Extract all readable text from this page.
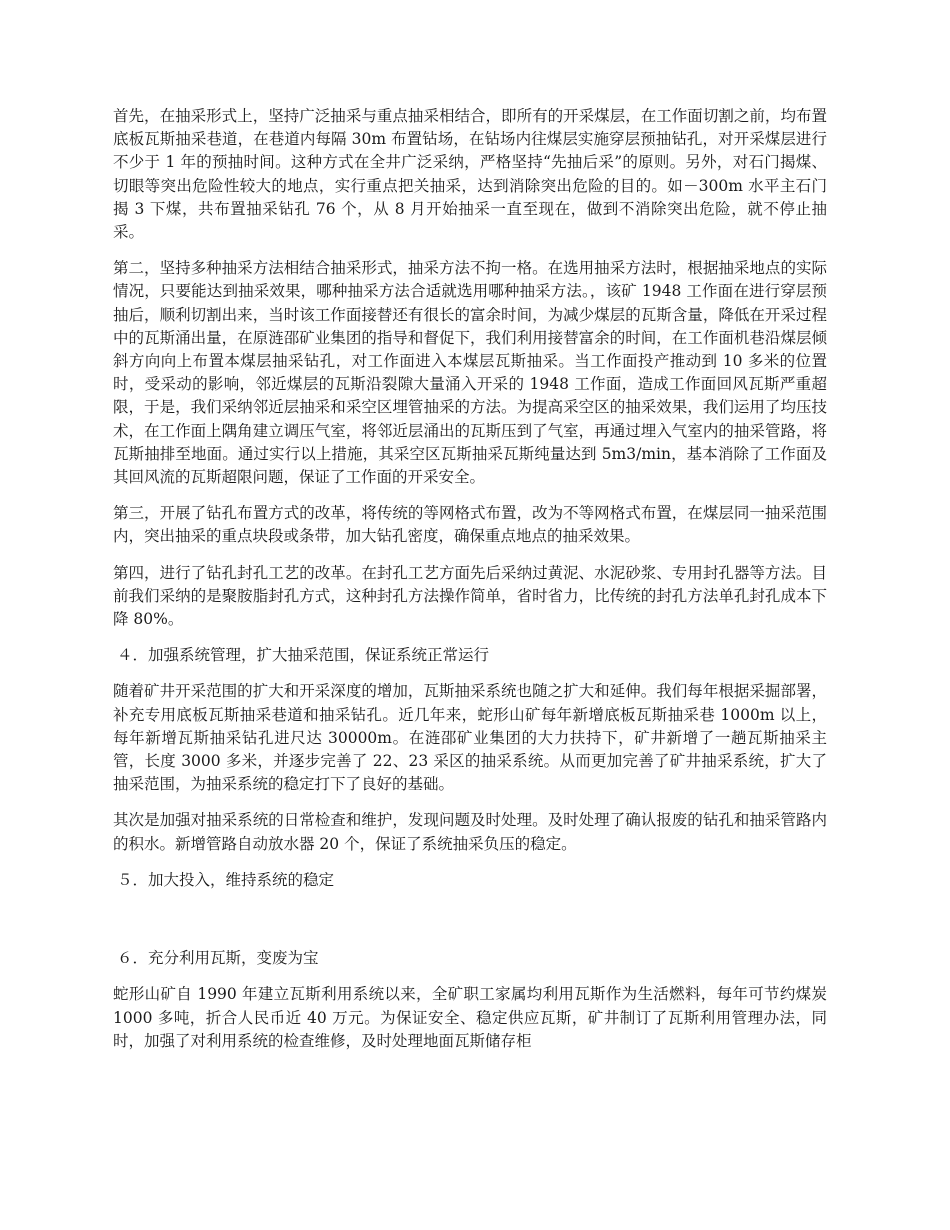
首先，在抽采形式上，坚持广泛抽采与重点抽采相结合，即所有的开采煤层，在工作面切割之前，均布置底板瓦斯抽采巷道，在巷道内每隔 30m 布置钻场，在钻场内往煤层实施穿层预抽钻孔，对开采煤层进行不少于 1 年的预抽时间。这种方式在全井广泛采纳，严格坚持“先抽后采”的原则。另外，对石门揭煤、切眼等突出危险性较大的地点，实行重点把关抽采，达到消除突出危险的目的。如－300m 水平主石门揭 3 下煤，共布置抽采钻孔 76 个，从 8 月开始抽采一直至现在，做到不消除突出危险，就不停止抽采。

第二，坚持多种抽采方法相结合抽采形式，抽采方法不拘一格。在选用抽采方法时，根据抽采地点的实际情况，只要能达到抽采效果，哪种抽采方法合适就选用哪种抽采方法。，该矿 1948 工作面在进行穿层预抽后，顺利切割出来，当时该工作面接替还有很长的富余时间，为减少煤层的瓦斯含量，降低在开采过程中的瓦斯涌出量，在原涟邵矿业集团的指导和督促下，我们利用接替富余的时间，在工作面机巷沿煤层倾斜方向向上布置本煤层抽采钻孔，对工作面进入本煤层瓦斯抽采。当工作面投产推动到 10 多米的位置时，受采动的影响，邻近煤层的瓦斯沿裂隙大量涌入开采的 1948 工作面，造成工作面回风瓦斯严重超限，于是，我们采纳邻近层抽采和采空区埋管抽采的方法。为提高采空区的抽采效果，我们运用了均压技术，在工作面上隅角建立调压气室，将邻近层涌出的瓦斯压到了气室，再通过埋入气室内的抽采管路，将瓦斯抽排至地面。通过实行以上措施，其采空区瓦斯抽采瓦斯纯量达到 5m3/min，基本消除了工作面及其回风流的瓦斯超限问题，保证了工作面的开采安全。

第三，开展了钻孔布置方式的改革，将传统的等网格式布置，改为不等网格式布置，在煤层同一抽采范围内，突出抽采的重点块段或条带，加大钻孔密度，确保重点地点的抽采效果。

第四，进行了钻孔封孔工艺的改革。在封孔工艺方面先后采纳过黄泥、水泥砂浆、专用封孔器等方法。目前我们采纳的是聚胺脂封孔方式，这种封孔方法操作简单，省时省力，比传统的封孔方法单孔封孔成本下降 80%。

４．加强系统管理，扩大抽采范围，保证系统正常运行

随着矿井开采范围的扩大和开采深度的增加，瓦斯抽采系统也随之扩大和延伸。我们每年根据采掘部署，补充专用底板瓦斯抽采巷道和抽采钻孔。近几年来，蛇形山矿每年新增底板瓦斯抽采巷 1000m 以上，每年新增瓦斯抽采钻孔进尺达 30000m。在涟邵矿业集团的大力扶持下，矿井新增了一趟瓦斯抽采主管，长度 3000 多米，并逐步完善了 22、23 采区的抽采系统。从而更加完善了矿井抽采系统，扩大了抽采范围，为抽采系统的稳定打下了良好的基础。

其次是加强对抽采系统的日常检查和维护，发现问题及时处理。及时处理了确认报废的钻孔和抽采管路内的积水。新增管路自动放水器 20 个，保证了系统抽采负压的稳定。

５．加大投入，维持系统的稳定

６．充分利用瓦斯，变废为宝

蛇形山矿自 1990 年建立瓦斯利用系统以来，全矿职工家属均利用瓦斯作为生活燃料，每年可节约煤炭 1000 多吨，折合人民币近 40 万元。为保证安全、稳定供应瓦斯，矿井制订了瓦斯利用管理办法，同时，加强了对利用系统的检查维修，及时处理地面瓦斯储存柜
